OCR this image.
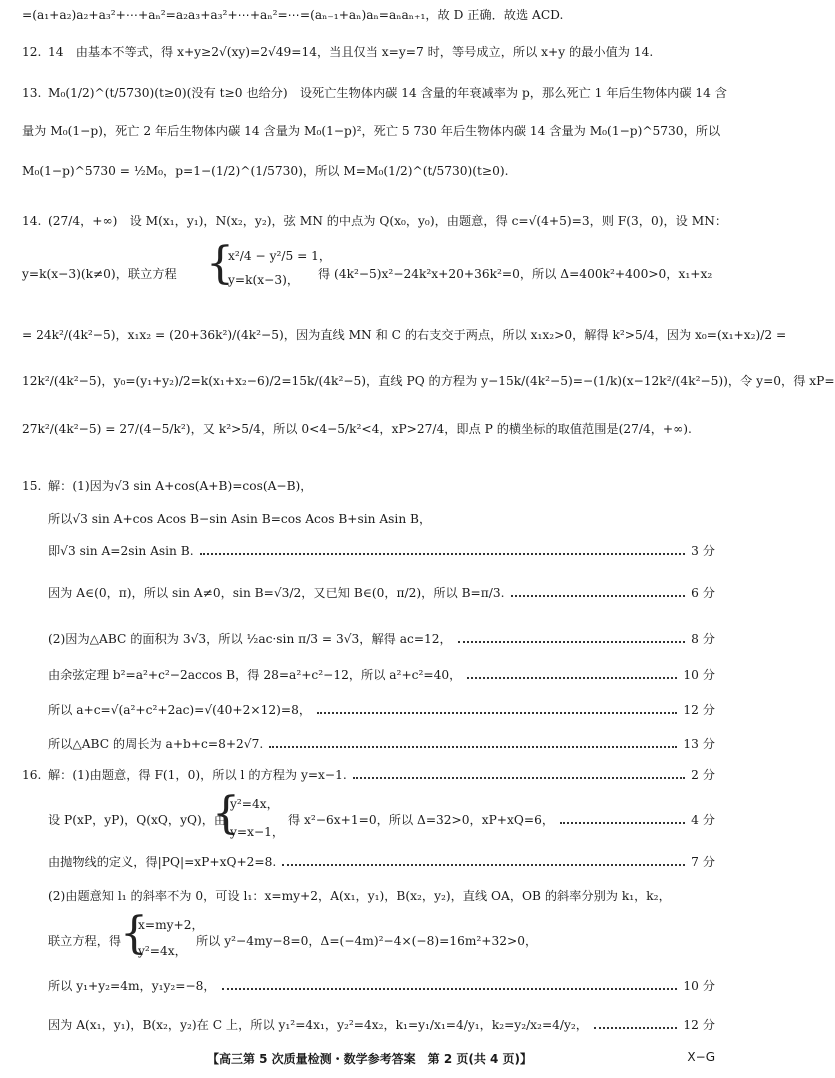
=(a₁+a₂)a₂+a₃²+⋯+aₙ²=a₂a₃+a₃²+⋯+aₙ²=⋯=(aₙ₋₁+aₙ)aₙ=aₙaₙ₊₁，故 D 正确．故选 ACD.
12. 14　由基本不等式，得 x+y≥2√(xy)=2√49=14，当且仅当 x=y=7 时，等号成立，所以 x+y 的最小值为 14.
13. M₀(1/2)^(t/5730)(t≥0)(没有 t≥0 也给分)　设死亡生物体内碳 14 含量的年衰减率为 p，那么死亡 1 年后生物体内碳 14 含
量为 M₀(1−p)，死亡 2 年后生物体内碳 14 含量为 M₀(1−p)²，死亡 5 730 年后生物体内碳 14 含量为 M₀(1−p)^5730，所以
M₀(1−p)^5730 = ½M₀，p=1−(1/2)^(1/5730)，所以 M=M₀(1/2)^(t/5730)(t≥0).
14. (27/4，+∞)　设 M(x₁，y₁)，N(x₂，y₂)，弦 MN 的中点为 Q(x₀，y₀)，由题意，得 c=√(4+5)=3，则 F(3，0)，设 MN：
y=k(x−3)(k≠0)，联立方程 {
x²/4 − y²/5 = 1，
y=k(x−3)，	得 (4k²−5)x²−24k²x+20+36k²=0，所以 Δ=400k²+400>0，x₁+x₂
= 24k²/(4k²−5)，x₁x₂ = (20+36k²)/(4k²−5)，因为直线 MN 和 C 的右支交于两点，所以 x₁x₂>0，解得 k²>5/4，因为 x₀=(x₁+x₂)/2 =
12k²/(4k²−5)，y₀=(y₁+y₂)/2=k(x₁+x₂−6)/2=15k/(4k²−5)，直线 PQ 的方程为 y−15k/(4k²−5)=−(1/k)(x−12k²/(4k²−5))，令 y=0，得 xP=
27k²/(4k²−5) = 27/(4−5/k²)，又 k²>5/4，所以 0<4−5/k²<4，xP>27/4，即点 P 的横坐标的取值范围是(27/4，+∞).
15. 解：(1)因为√3 sin A+cos(A+B)=cos(A−B)，
所以√3 sin A+cos Acos B−sin Asin B=cos Acos B+sin Asin B，
即√3 sin A=2sin Asin B.	3 分
因为 A∈(0，π)，所以 sin A≠0，sin B=√3/2，又已知 B∈(0，π/2)，所以 B=π/3.	6 分
(2)因为△ABC 的面积为 3√3，所以 ½ac·sin π/3 = 3√3，解得 ac=12，	8 分
由余弦定理 b²=a²+c²−2accos B，得 28=a²+c²−12，所以 a²+c²=40，	10 分
所以 a+c=√(a²+c²+2ac)=√(40+2×12)=8，	12 分
所以△ABC 的周长为 a+b+c=8+2√7.	13 分
16. 解：(1)由题意，得 F(1，0)，所以 l 的方程为 y=x−1.	2 分
设 P(xP，yP)，Q(xQ，yQ)，由
{
y²=4x，
y=x−1，
得 x²−6x+1=0，所以 Δ=32>0，xP+xQ=6，	4 分
由抛物线的定义，得|PQ|=xP+xQ+2=8.	7 分
(2)由题意知 l₁ 的斜率不为 0，可设 l₁：x=my+2，A(x₁，y₁)，B(x₂，y₂)，直线 OA，OB 的斜率分别为 k₁，k₂，
联立方程，得
{
x=my+2，
y²=4x，
所以 y²−4my−8=0，Δ=(−4m)²−4×(−8)=16m²+32>0，
所以 y₁+y₂=4m，y₁y₂=−8，	10 分
因为 A(x₁，y₁)，B(x₂，y₂)在 C 上，所以 y₁²=4x₁，y₂²=4x₂，k₁=y₁/x₁=4/y₁，k₂=y₂/x₂=4/y₂，	12 分
【高三第 5 次质量检测・数学参考答案　第 2 页(共 4 页)】	X−G
